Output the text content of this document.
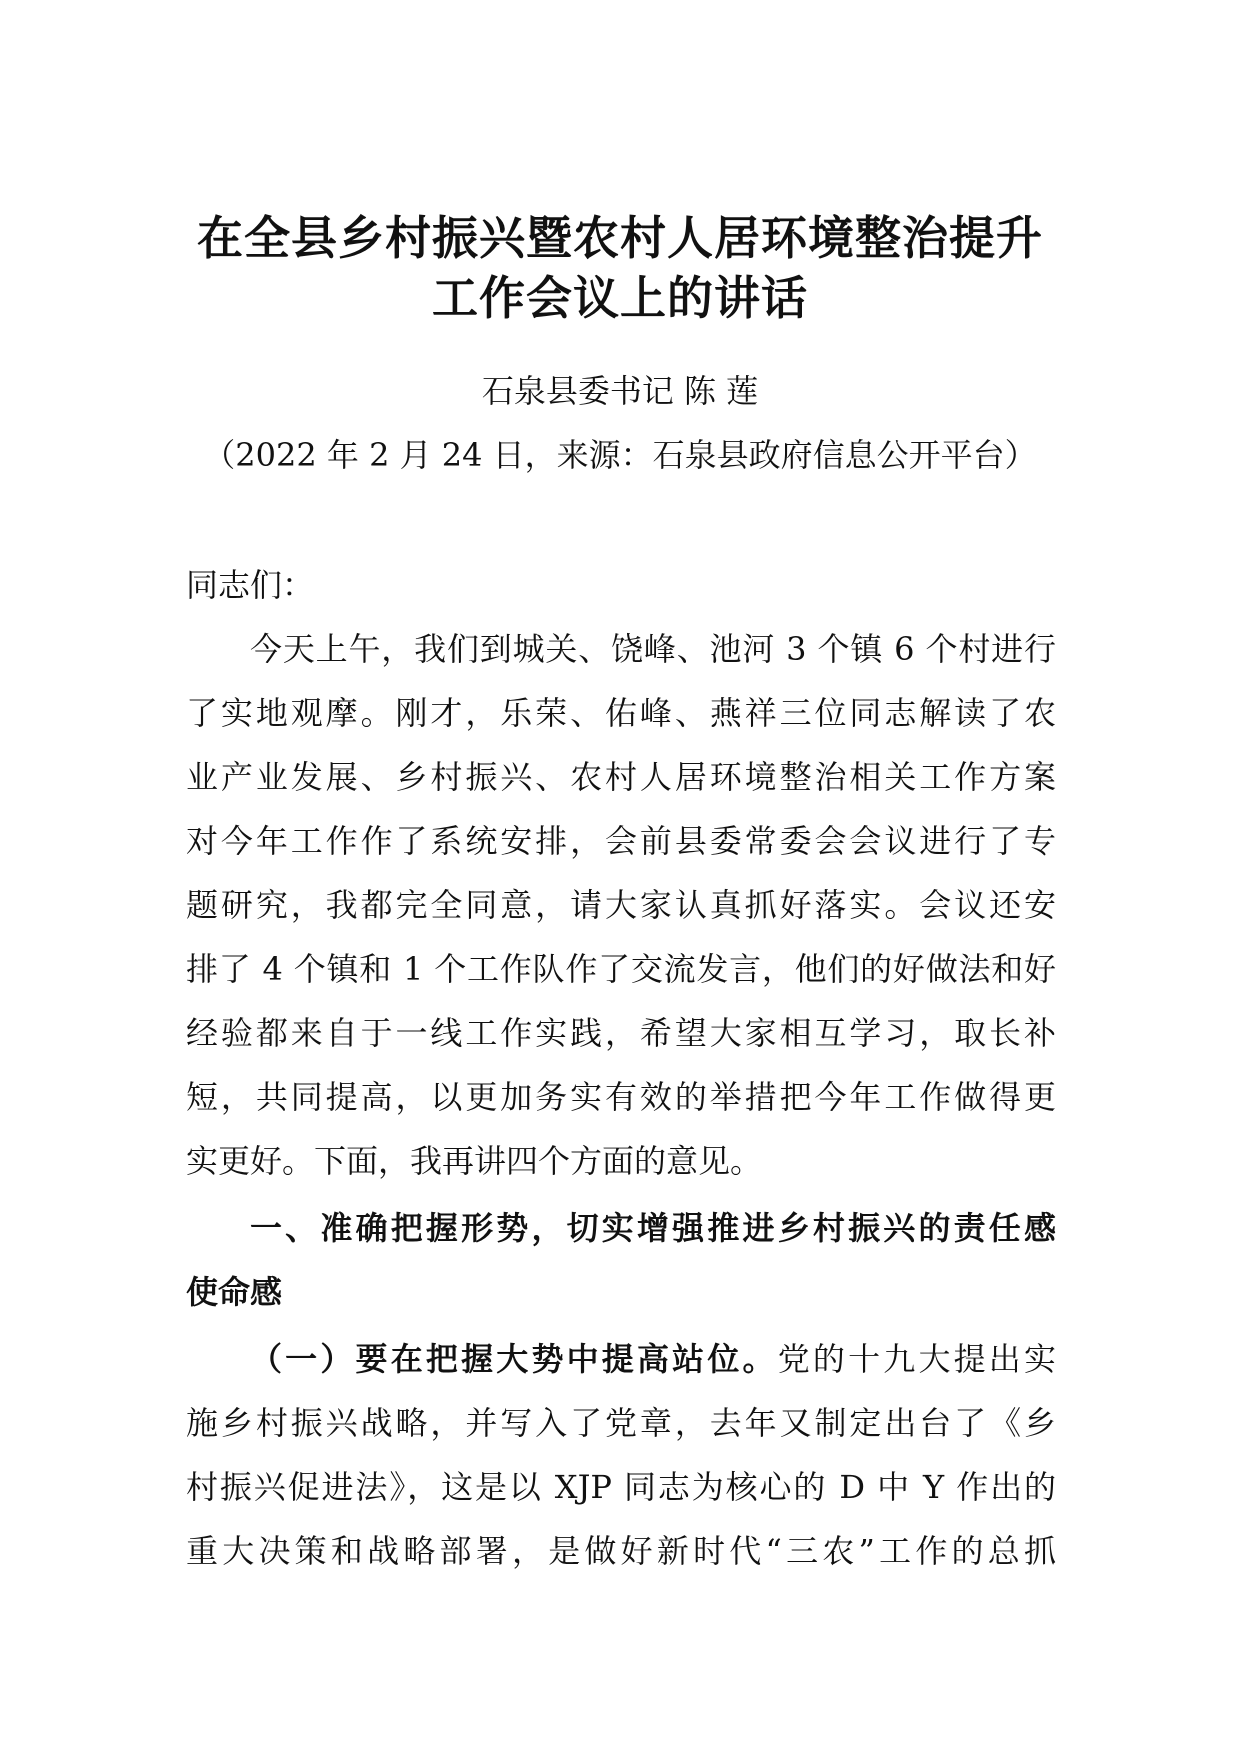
在全县乡村振兴暨农村人居环境整治提升
工作会议上的讲话
石泉县委书记 陈 莲
（2022 年 2 月 24 日，来源：石泉县政府信息公开平台）
同志们：
今天上午，我们到城关、饶峰、池河 3 个镇 6 个村进行
了实地观摩。刚才，乐荣、佑峰、燕祥三位同志解读了农
业产业发展、乡村振兴、农村人居环境整治相关工作方案
对今年工作作了系统安排，会前县委常委会会议进行了专
题研究，我都完全同意，请大家认真抓好落实。会议还安
排了 4 个镇和 1 个工作队作了交流发言，他们的好做法和好
经验都来自于一线工作实践，希望大家相互学习，取长补
短，共同提高，以更加务实有效的举措把今年工作做得更
实更好。下面，我再讲四个方面的意见。
一、准确把握形势，切实增强推进乡村振兴的责任感
使命感
（一）要在把握大势中提高站位。党的十九大提出实
施乡村振兴战略，并写入了党章，去年又制定出台了《乡
村振兴促进法》，这是以 XJP 同志为核心的 D 中 Y 作出的
重大决策和战略部署，是做好新时代“三农”工作的总抓
